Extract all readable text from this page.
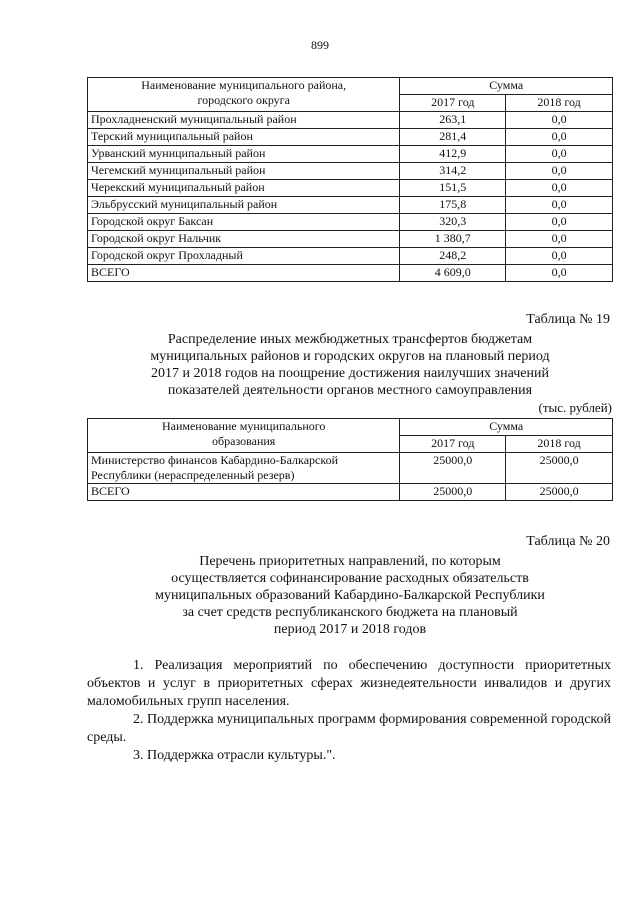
899
Наименование муниципального района,
городского округа	Сумма	
	2017 год	2018 год
Прохладненский муниципальный район	263,1	0,0
Терский муниципальный район	281,4	0,0
Урванский муниципальный район	412,9	0,0
Чегемский муниципальный район	314,2	0,0
Черекский муниципальный район	151,5	0,0
Эльбрусский муниципальный район	175,8	0,0
Городской округ Баксан	320,3	0,0
Городской округ Нальчик	1 380,7	0,0
Городской округ Прохладный	248,2	0,0
ВСЕГО	4 609,0	0,0
Таблица № 19
Распределение иных межбюджетных трансфертов бюджетам
муниципальных районов и городских округов на плановый период
2017 и 2018 годов на поощрение достижения наилучших значений
показателей деятельности органов местного самоуправления
(тыс. рублей)
Наименование муниципального
образования	Сумма	
	2017 год	2018 год
Министерство финансов Кабардино-Балкарской Республики (нераспределенный резерв)	25000,0	25000,0
ВСЕГО	25000,0	25000,0
Таблица № 20
Перечень приоритетных направлений, по которым
осуществляется софинансирование расходных обязательств
муниципальных образований Кабардино-Балкарской Республики
за счет средств республиканского бюджета на плановый
период 2017 и 2018 годов
1. Реализация мероприятий по обеспечению доступности приоритетных объектов и услуг в приоритетных сферах жизнедеятельности инвалидов и других маломобильных групп населения.
2. Поддержка муниципальных программ формирования современной городской среды.
3. Поддержка отрасли культуры.".
